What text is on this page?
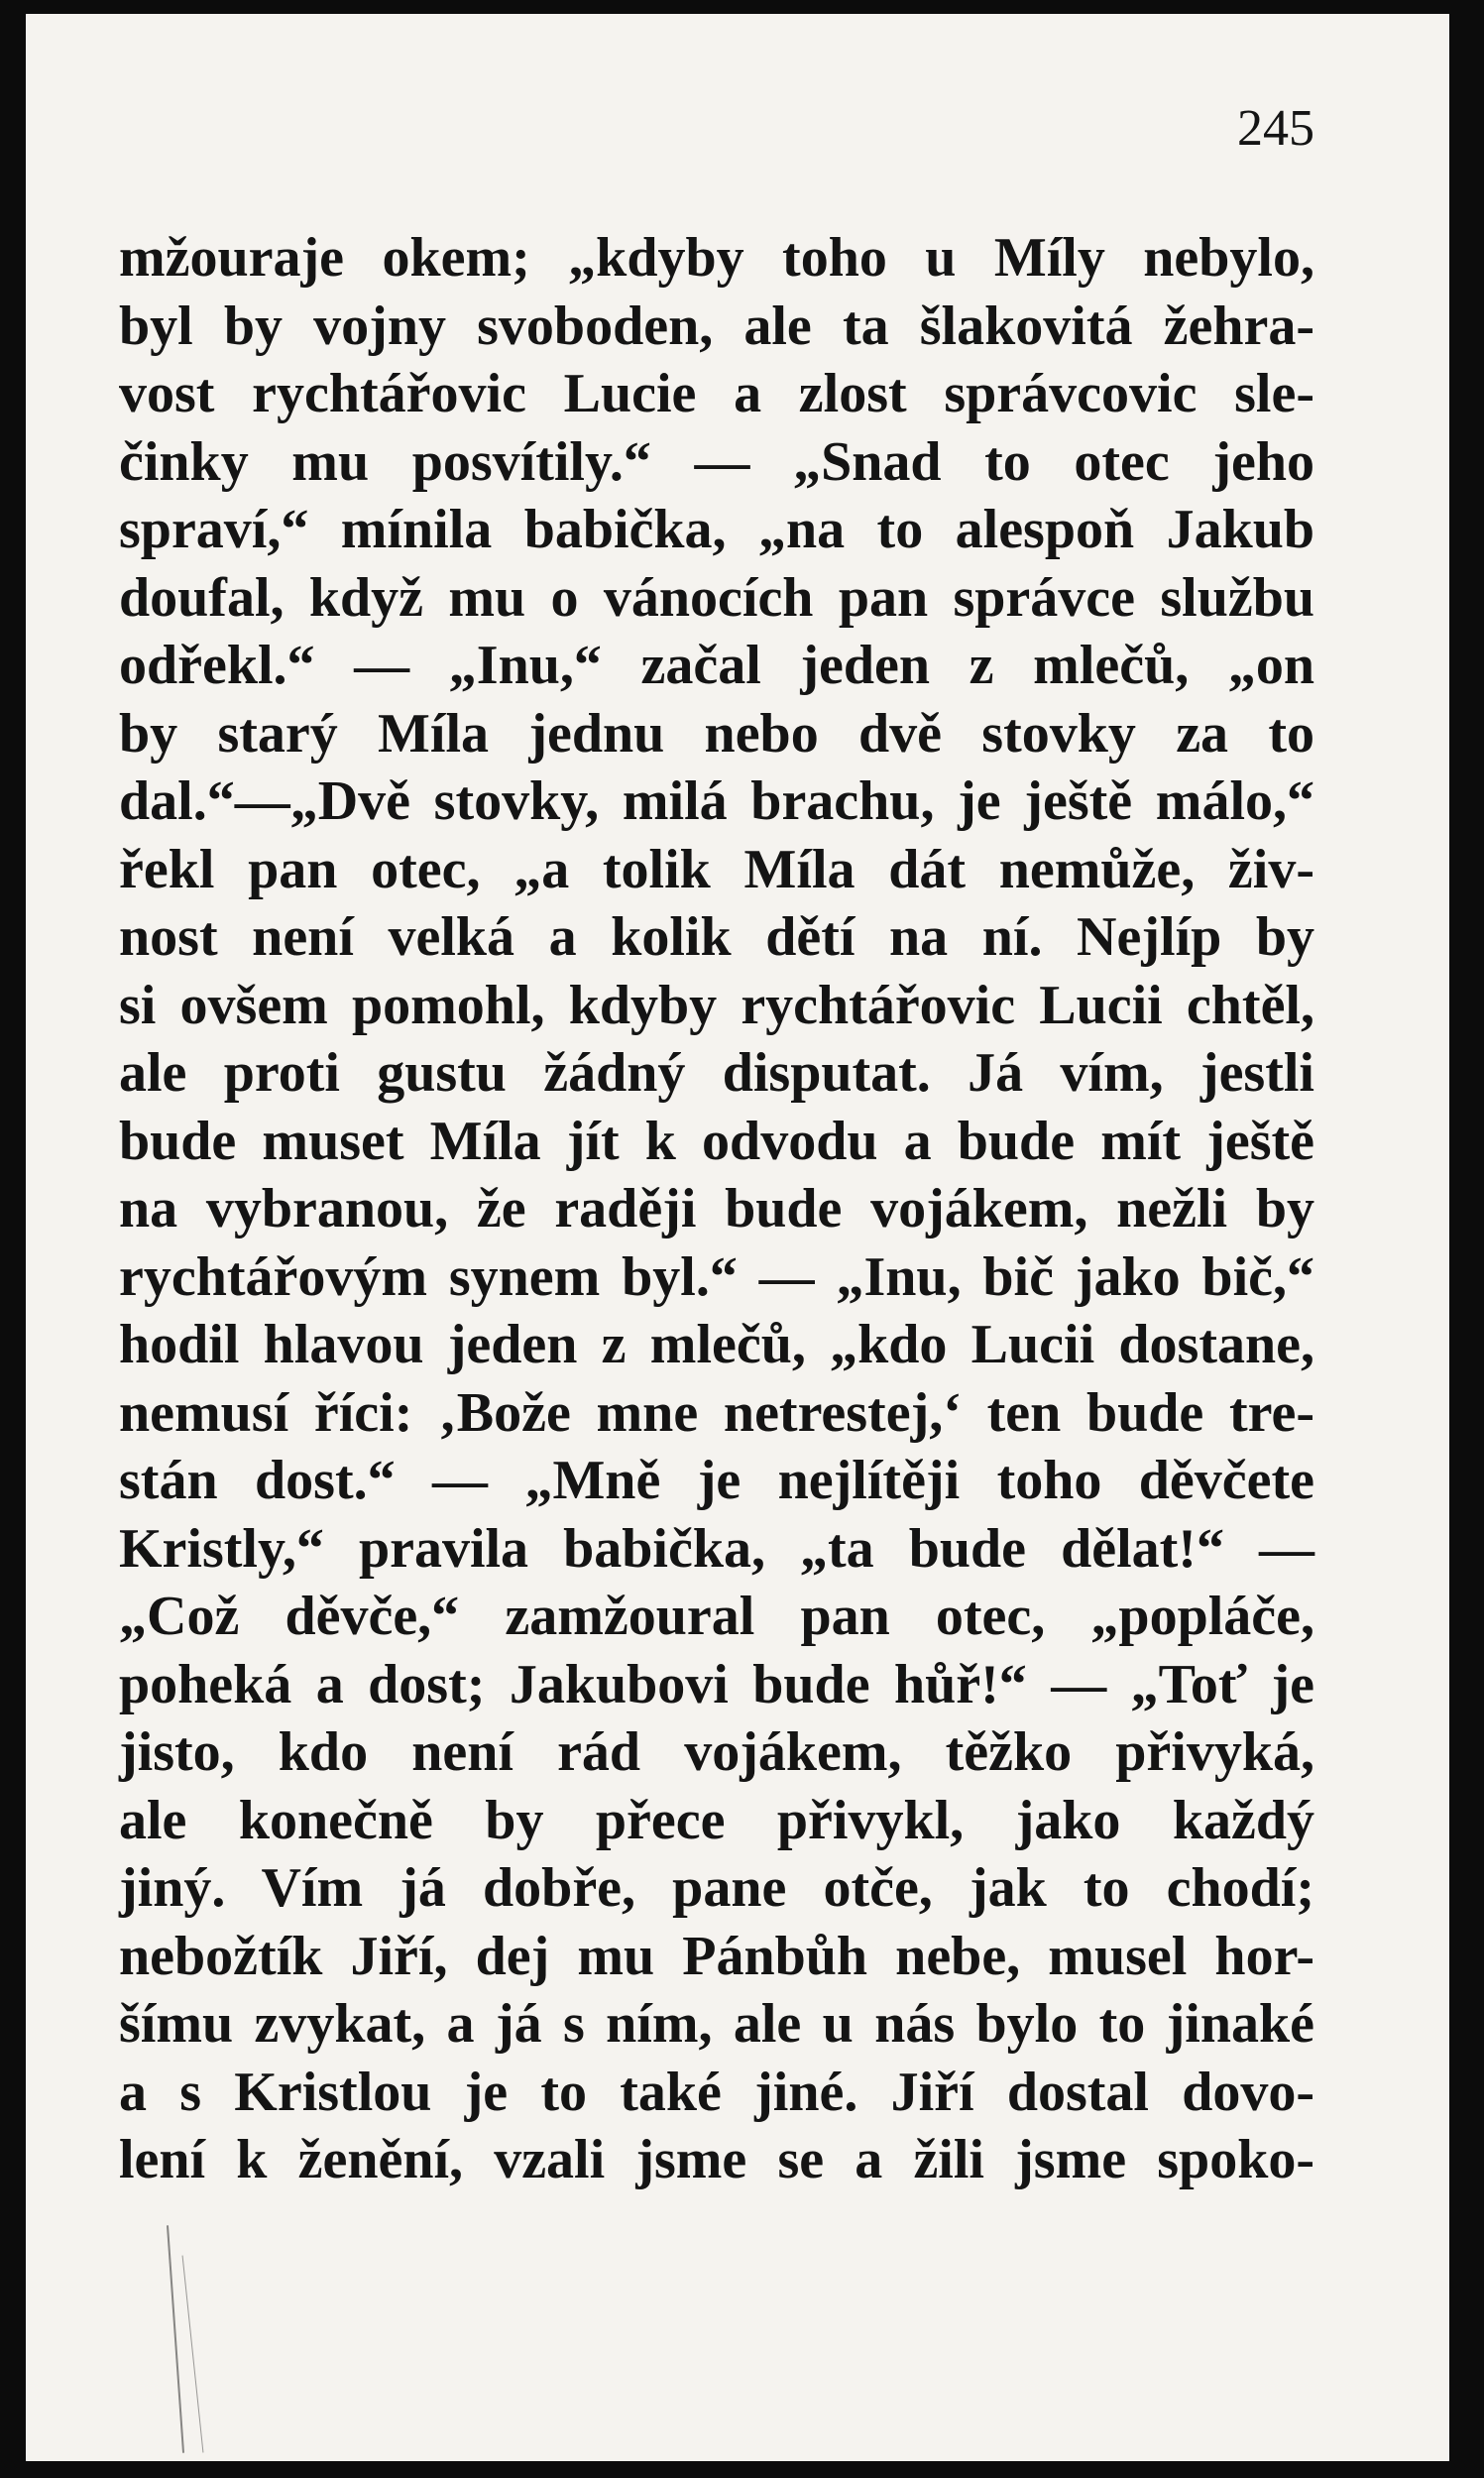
245
mžouraje okem; „kdyby toho u Míly nebylo,
byl by vojny svoboden, ale ta šlakovitá žehra-
vost rychtářovic Lucie a zlost správcovic sle-
činky mu posvítily.“ — „Snad to otec jeho
spraví,“ mínila babička, „na to alespoň Jakub
doufal, když mu o vánocích pan správce službu
odřekl.“ — „Inu,“ začal jeden z mlečů, „on
by starý Míla jednu nebo dvě stovky za to
dal.“—„Dvě stovky, milá brachu, je ještě málo,“
řekl pan otec, „a tolik Míla dát nemůže, živ-
nost není velká a kolik dětí na ní. Nejlíp by
si ovšem pomohl, kdyby rychtářovic Lucii chtěl,
ale proti gustu žádný disputat. Já vím, jestli
bude muset Míla jít k odvodu a bude mít ještě
na vybranou, že raději bude vojákem, nežli by
rychtářovým synem byl.“ — „Inu, bič jako bič,“
hodil hlavou jeden z mlečů, „kdo Lucii dostane,
nemusí říci: ‚Bože mne netrestej,‘ ten bude tre-
stán dost.“ — „Mně je nejlítěji toho děvčete
Kristly,“ pravila babička, „ta bude dělat!“ —
„Což děvče,“ zamžoural pan otec, „popláče,
poheká a dost; Jakubovi bude hůř!“ — „Toť je
jisto, kdo není rád vojákem, těžko přivyká,
ale konečně by přece přivykl, jako každý
jiný. Vím já dobře, pane otče, jak to chodí;
nebožtík Jiří, dej mu Pánbůh nebe, musel hor-
šímu zvykat, a já s ním, ale u nás bylo to jinaké
a s Kristlou je to také jiné. Jiří dostal dovo-
lení k ženění, vzali jsme se a žili jsme spoko-
